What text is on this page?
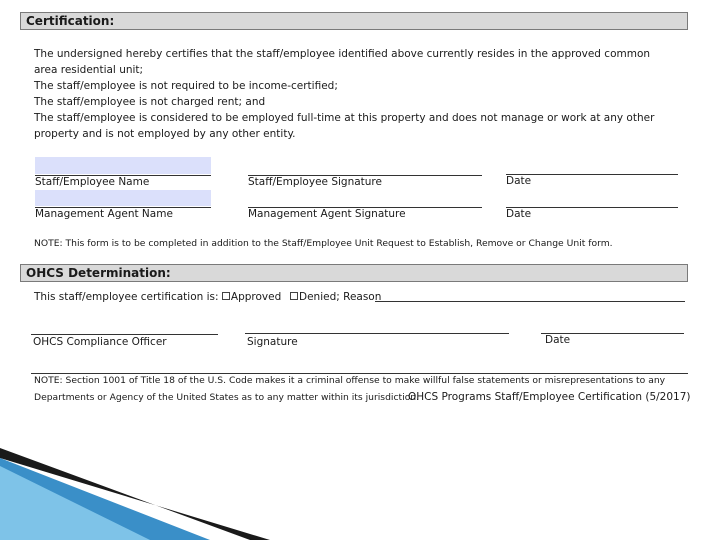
Certification:
The undersigned hereby certifies that the staff/employee identified above currently resides in the approved common
area residential unit;
The staff/employee is not required to be income-certified;
The staff/employee is not charged rent; and
The staff/employee is considered to be employed full-time at this property and does not manage or work at any other
property and is not employed by any other entity.
Staff/Employee Name	Staff/Employee Signature	Date
Management Agent Name	Management Agent Signature	Date
NOTE: This form is to be completed in addition to the Staff/Employee Unit Request to Establish, Remove or Change Unit form.
OHCS Determination:
This staff/employee certification is: Approved	Denied; Reason
OHCS Compliance Officer	Signature	Date
NOTE: Section 1001 of Title 18 of the U.S. Code makes it a criminal offense to make willful false statements or misrepresentations to any
Departments or Agency of the United States as to any matter within its jurisdiction.
OHCS Programs Staff/Employee Certification (5/2017)
